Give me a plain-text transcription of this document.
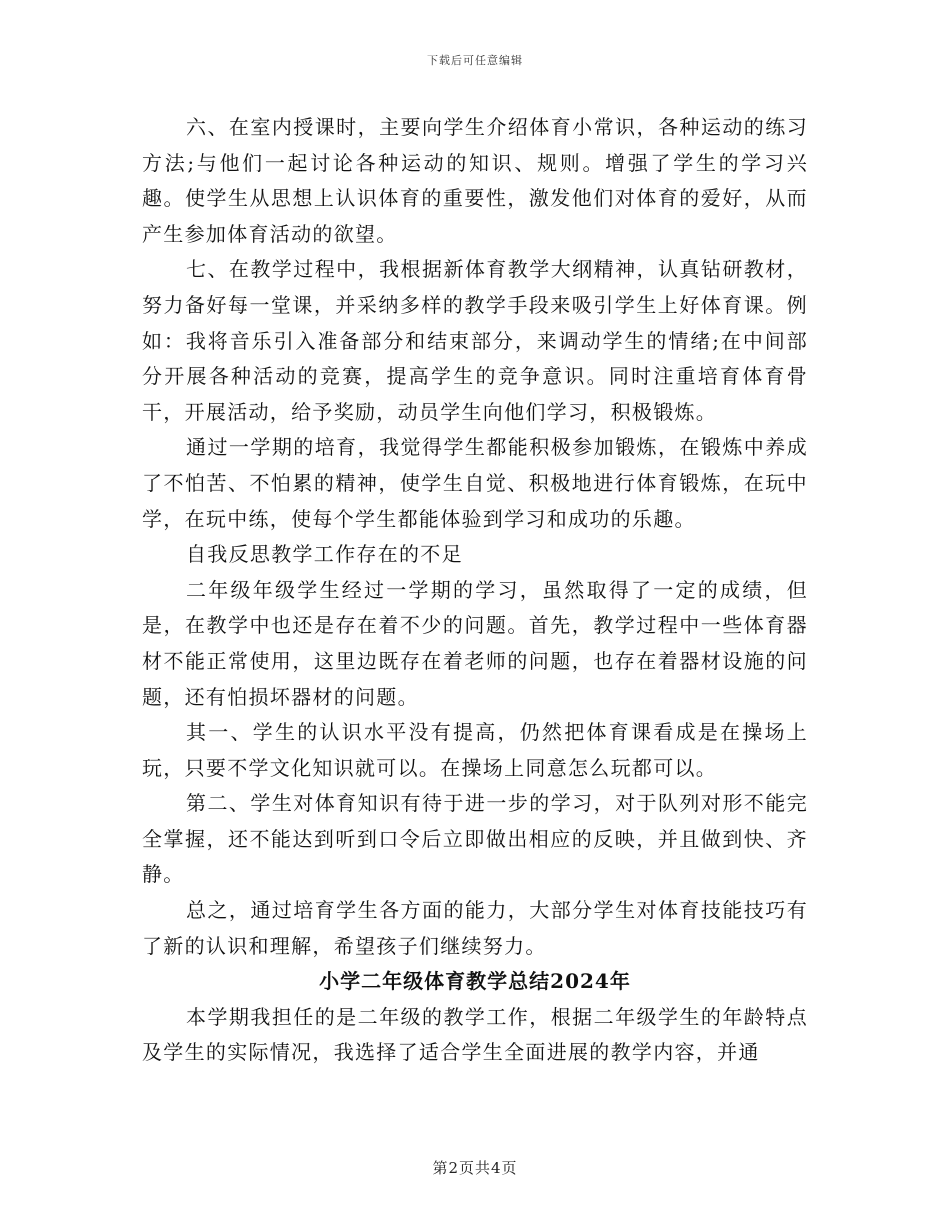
下载后可任意编辑

六、在室内授课时，主要向学生介绍体育小常识，各种运动的练习方法;与他们一起讨论各种运动的知识、规则。增强了学生的学习兴趣。使学生从思想上认识体育的重要性，激发他们对体育的爱好，从而产生参加体育活动的欲望。

七、在教学过程中，我根据新体育教学大纲精神，认真钻研教材，努力备好每一堂课，并采纳多样的教学手段来吸引学生上好体育课。例如：我将音乐引入准备部分和结束部分，来调动学生的情绪;在中间部分开展各种活动的竞赛，提高学生的竞争意识。同时注重培育体育骨干，开展活动，给予奖励，动员学生向他们学习，积极锻炼。

通过一学期的培育，我觉得学生都能积极参加锻炼，在锻炼中养成了不怕苦、不怕累的精神，使学生自觉、积极地进行体育锻炼，在玩中学，在玩中练，使每个学生都能体验到学习和成功的乐趣。

自我反思教学工作存在的不足

二年级年级学生经过一学期的学习，虽然取得了一定的成绩，但是，在教学中也还是存在着不少的问题。首先，教学过程中一些体育器材不能正常使用，这里边既存在着老师的问题，也存在着器材设施的问题，还有怕损坏器材的问题。

其一、学生的认识水平没有提高，仍然把体育课看成是在操场上玩，只要不学文化知识就可以。在操场上同意怎么玩都可以。

第二、学生对体育知识有待于进一步的学习，对于队列对形不能完全掌握，还不能达到听到口令后立即做出相应的反映，并且做到快、齐静。

总之，通过培育学生各方面的能力，大部分学生对体育技能技巧有了新的认识和理解，希望孩子们继续努力。

小学二年级体育教学总结2024年

本学期我担任的是二年级的教学工作，根据二年级学生的年龄特点及学生的实际情况，我选择了适合学生全面进展的教学内容，并通

第2页共4页
